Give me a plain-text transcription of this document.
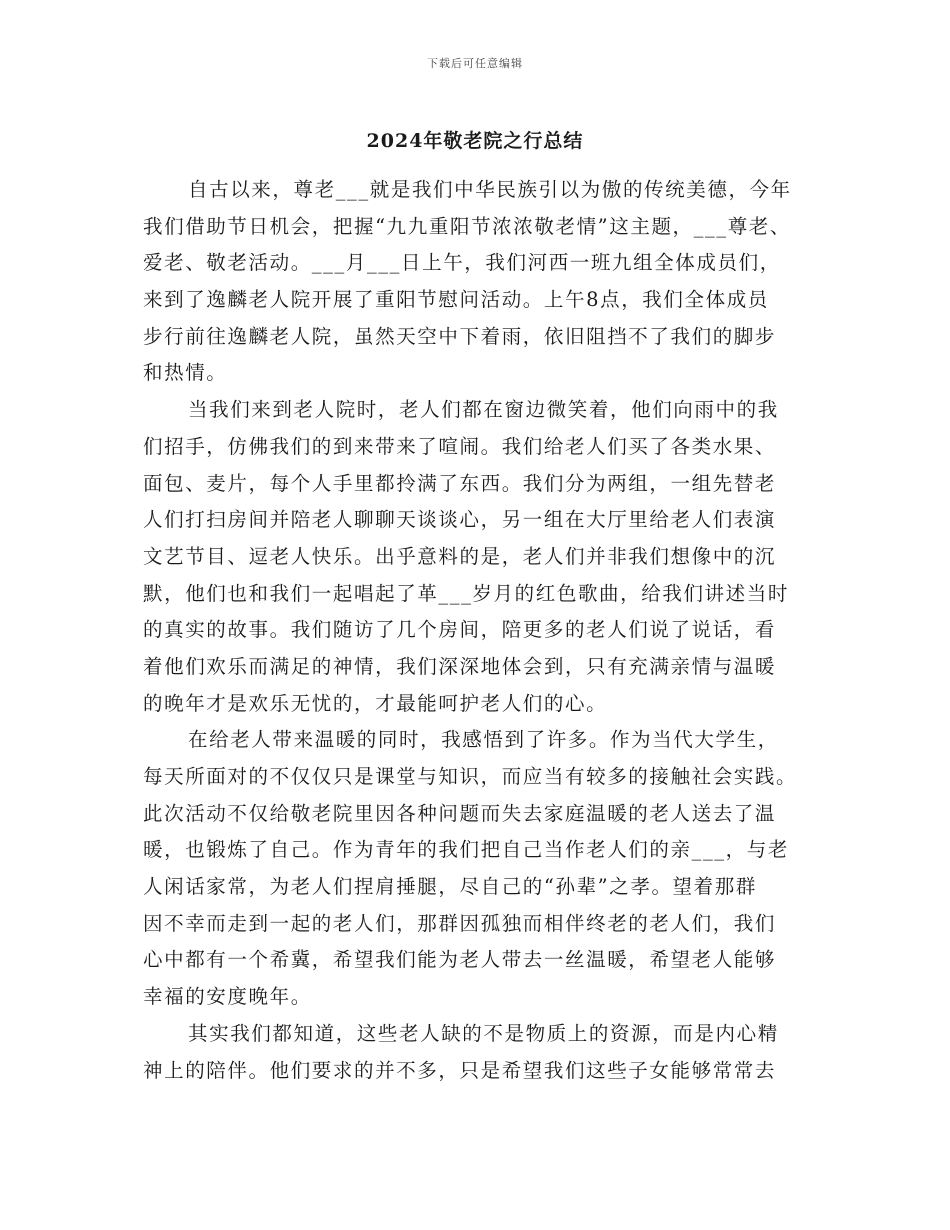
下载后可任意编辑
2024年敬老院之行总结
自古以来，尊老___就是我们中华民族引以为傲的传统美德，今年
我们借助节日机会，把握“九九重阳节浓浓敬老情”这主题，___尊老、
爱老、敬老活动。___月___日上午，我们河西一班九组全体成员们，
来到了逸麟老人院开展了重阳节慰问活动。上午8点，我们全体成员
步行前往逸麟老人院，虽然天空中下着雨，依旧阻挡不了我们的脚步
和热情。
当我们来到老人院时，老人们都在窗边微笑着，他们向雨中的我
们招手，仿佛我们的到来带来了喧闹。我们给老人们买了各类水果、
面包、麦片，每个人手里都拎满了东西。我们分为两组，一组先替老
人们打扫房间并陪老人聊聊天谈谈心，另一组在大厅里给老人们表演
文艺节目、逗老人快乐。出乎意料的是，老人们并非我们想像中的沉
默，他们也和我们一起唱起了革___岁月的红色歌曲，给我们讲述当时
的真实的故事。我们随访了几个房间，陪更多的老人们说了说话，看
着他们欢乐而满足的神情，我们深深地体会到，只有充满亲情与温暖
的晚年才是欢乐无忧的，才最能呵护老人们的心。
在给老人带来温暖的同时，我感悟到了许多。作为当代大学生，
每天所面对的不仅仅只是课堂与知识，而应当有较多的接触社会实践。
此次活动不仅给敬老院里因各种问题而失去家庭温暖的老人送去了温
暖，也锻炼了自己。作为青年的我们把自己当作老人们的亲___，与老
人闲话家常，为老人们捏肩捶腿，尽自己的“孙辈”之孝。望着那群
因不幸而走到一起的老人们，那群因孤独而相伴终老的老人们，我们
心中都有一个希冀，希望我们能为老人带去一丝温暖，希望老人能够
幸福的安度晚年。
其实我们都知道，这些老人缺的不是物质上的资源，而是内心精
神上的陪伴。他们要求的并不多，只是希望我们这些子女能够常常去
